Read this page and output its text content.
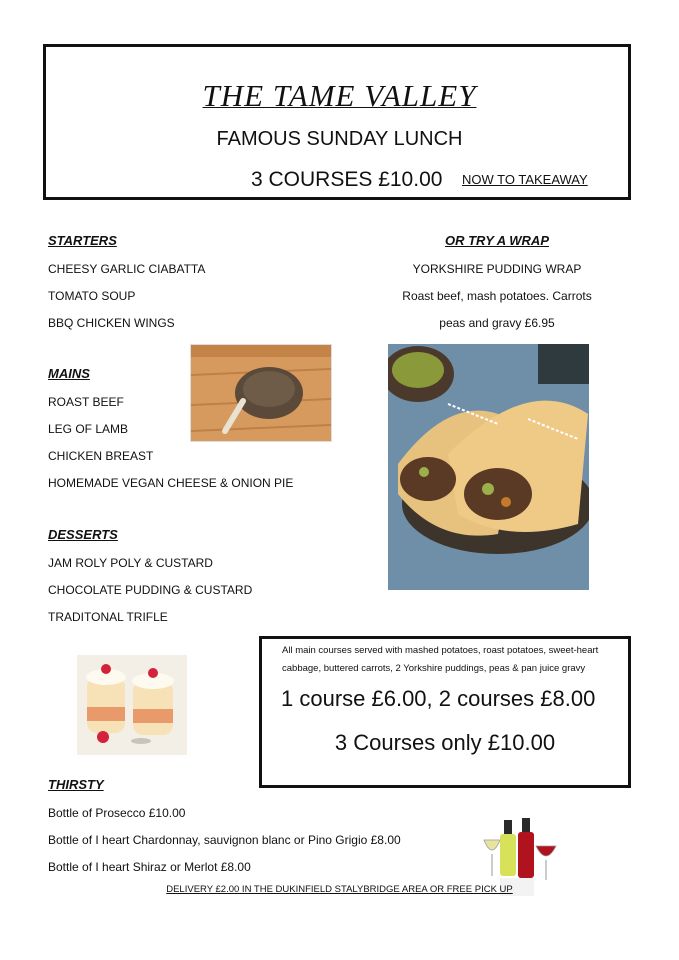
THE TAME VALLEY
FAMOUS SUNDAY LUNCH
3 COURSES £10.00 NOW TO TAKEAWAY
STARTERS
CHEESY GARLIC CIABATTA
TOMATO SOUP
BBQ CHICKEN WINGS
OR TRY A WRAP
YORKSHIRE PUDDING WRAP
Roast beef, mash potatoes. Carrots
peas and gravy £6.95
MAINS
ROAST BEEF
LEG OF LAMB
CHICKEN BREAST
HOMEMADE VEGAN CHEESE & ONION PIE
DESSERTS
JAM ROLY POLY & CUSTARD
CHOCOLATE PUDDING & CUSTARD
TRADITONAL TRIFLE
All main courses served with mashed potatoes, roast potatoes, sweet-heart cabbage, buttered carrots, 2 Yorkshire puddings, peas & pan juice gravy
1 course £6.00, 2 courses £8.00
3 Courses only £10.00
THIRSTY
Bottle of Prosecco £10.00
Bottle of I heart Chardonnay, sauvignon blanc or Pino Grigio £8.00
Bottle of I heart Shiraz or Merlot £8.00
DELIVERY £2.00 IN THE DUKINFIELD STALYBRIDGE AREA OR FREE PICK UP
